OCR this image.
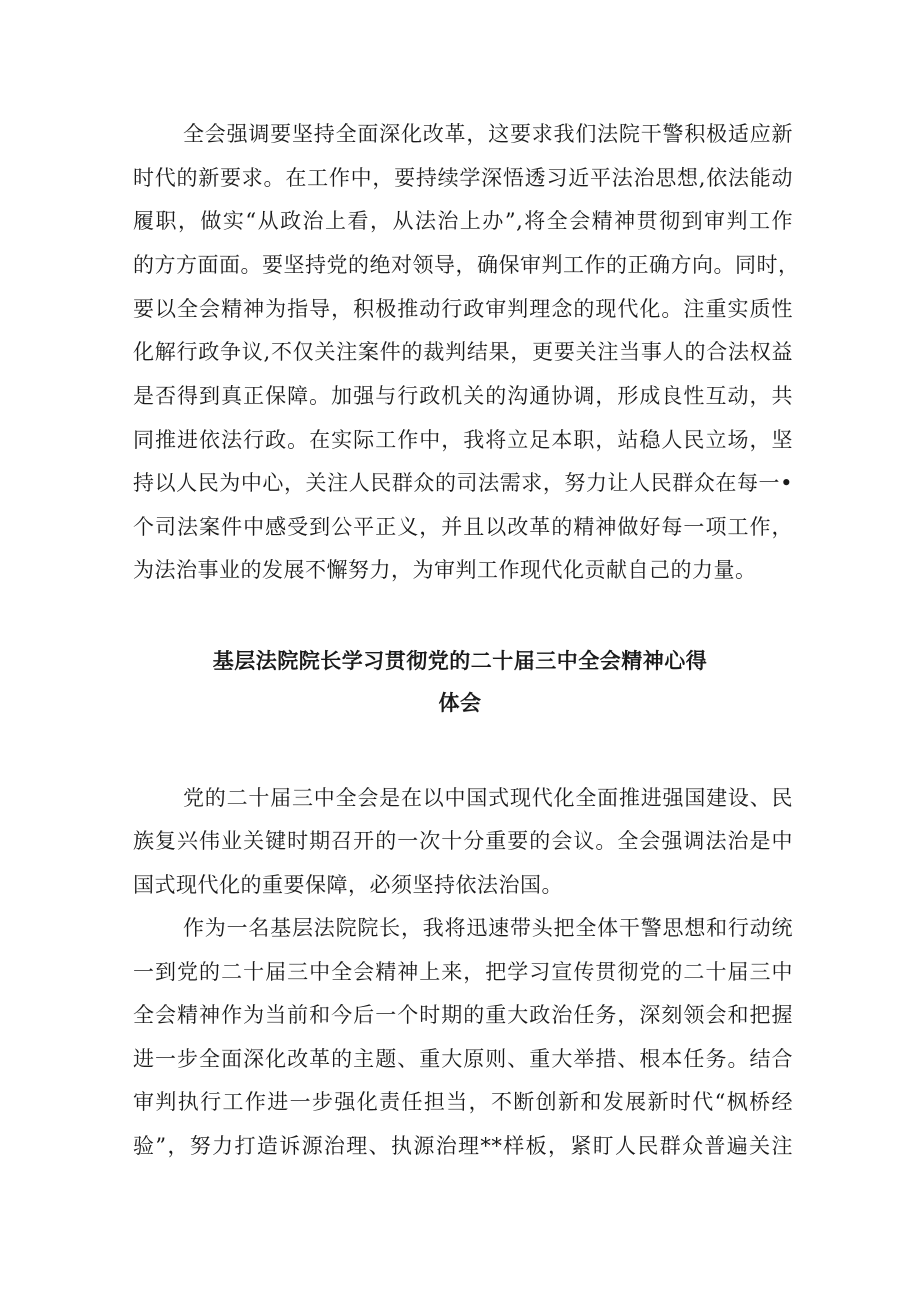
全会强调要坚持全面深化改革，这要求我们法院干警积极适应新
时代的新要求。在工作中，要持续学深悟透习近平法治思想,依法能动
履职，做实“从政治上看，从法治上办”,将全会精神贯彻到审判工作
的方方面面。要坚持党的绝对领导，确保审判工作的正确方向。同时，
要以全会精神为指导，积极推动行政审判理念的现代化。注重实质性
化解行政争议,不仅关注案件的裁判结果，更要关注当事人的合法权益
是否得到真正保障。加强与行政机关的沟通协调，形成良性互动，共
同推进依法行政。在实际工作中，我将立足本职，站稳人民立场，坚
持以人民为中心，关注人民群众的司法需求，努力让人民群众在每一•
个司法案件中感受到公平正义，并且以改革的精神做好每一项工作，
为法治事业的发展不懈努力，为审判工作现代化贡献自己的力量。
基层法院院长学习贯彻党的二十届三中全会精神心得
体会
党的二十届三中全会是在以中国式现代化全面推进强国建设、民
族复兴伟业关键时期召开的一次十分重要的会议。全会强调法治是中
国式现代化的重要保障，必须坚持依法治国。
作为一名基层法院院长，我将迅速带头把全体干警思想和行动统
一到党的二十届三中全会精神上来，把学习宣传贯彻党的二十届三中
全会精神作为当前和今后一个时期的重大政治任务，深刻领会和把握
进一步全面深化改革的主题、重大原则、重大举措、根本任务。结合
审判执行工作进一步强化责任担当，不断创新和发展新时代“枫桥经
验”，努力打造诉源治理、执源治理**样板，紧盯人民群众普遍关注
